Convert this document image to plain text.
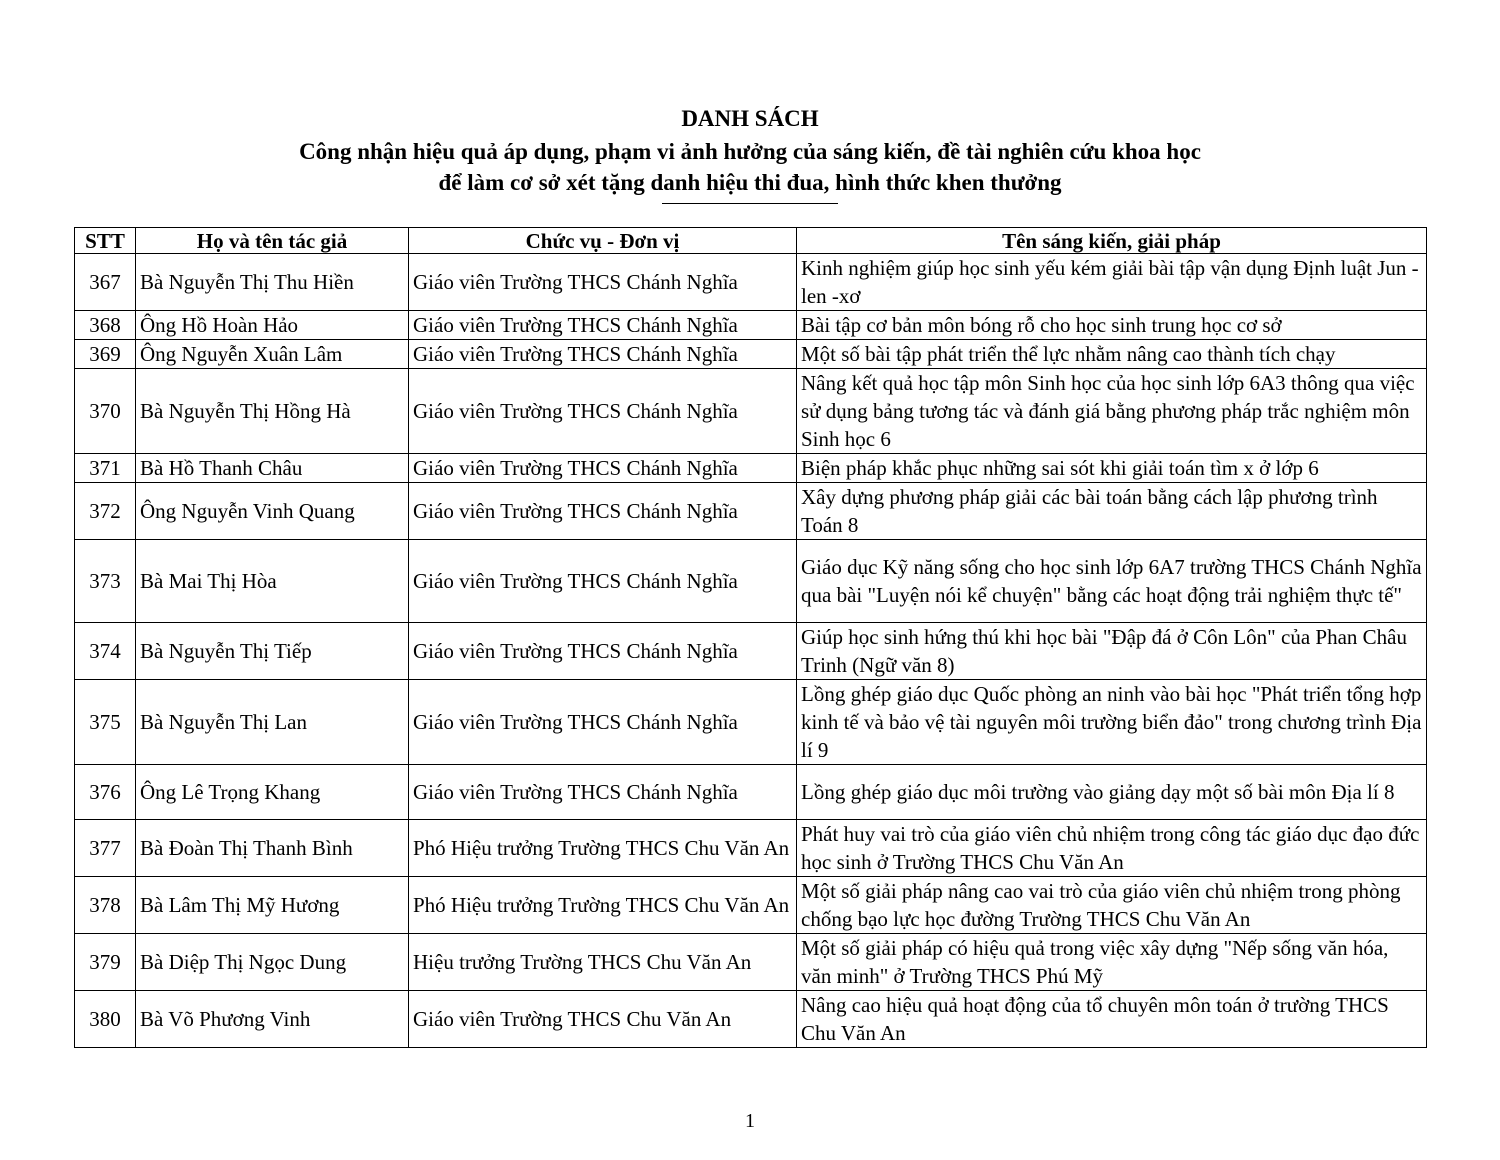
DANH SÁCH
Công nhận hiệu quả áp dụng, phạm vi ảnh hưởng của sáng kiến, đề tài nghiên cứu khoa học
để làm cơ sở xét tặng danh hiệu thi đua, hình thức khen thưởng
STT	Họ và tên tác giả	Chức vụ - Đơn vị	Tên sáng kiến, giải pháp
367	Bà Nguyễn Thị Thu Hiền	Giáo viên Trường THCS Chánh Nghĩa	Kinh nghiệm giúp học sinh yếu kém giải bài tập vận dụng Định luật Jun -len -xơ
368	Ông Hồ Hoàn Hảo	Giáo viên Trường THCS Chánh Nghĩa	Bài tập cơ bản môn bóng rỗ cho học sinh trung học cơ sở
369	Ông Nguyễn Xuân Lâm	Giáo viên Trường THCS Chánh Nghĩa	Một số bài tập phát triển thể lực nhằm nâng cao thành tích chạy
370	Bà Nguyễn Thị Hồng Hà	Giáo viên Trường THCS Chánh Nghĩa	Nâng kết quả học tập môn Sinh học của học sinh lớp 6A3 thông qua việc sử dụng bảng tương tác và đánh giá bằng phương pháp trắc nghiệm môn Sinh học 6
371	Bà Hồ Thanh Châu	Giáo viên Trường THCS Chánh Nghĩa	Biện pháp khắc phục những sai sót khi giải toán tìm x ở lớp 6
372	Ông Nguyễn Vinh Quang	Giáo viên Trường THCS Chánh Nghĩa	Xây dựng phương pháp giải các bài toán bằng cách lập phương trình Toán 8
373	Bà Mai Thị Hòa	Giáo viên Trường THCS Chánh Nghĩa	Giáo dục Kỹ năng sống cho học sinh lớp 6A7 trường THCS Chánh Nghĩa qua bài "Luyện nói kể chuyện" bằng các hoạt động trải nghiệm thực tế"
374	Bà Nguyễn Thị Tiếp	Giáo viên Trường THCS Chánh Nghĩa	Giúp học sinh hứng thú khi học bài "Đập đá ở Côn Lôn" của Phan Châu Trinh (Ngữ văn 8)
375	Bà Nguyễn Thị Lan	Giáo viên Trường THCS Chánh Nghĩa	Lồng ghép giáo dục Quốc phòng an ninh vào bài học "Phát triển tổng hợp kinh tế và bảo vệ tài nguyên môi trường biển đảo" trong chương trình Địa lí 9
376	Ông Lê Trọng Khang	Giáo viên Trường THCS Chánh Nghĩa	Lồng ghép giáo dục môi trường vào giảng dạy một số bài môn Địa lí 8
377	Bà Đoàn Thị Thanh Bình	Phó Hiệu trưởng Trường THCS Chu Văn An	Phát huy vai trò của giáo viên chủ nhiệm trong công tác giáo dục đạo đức học sinh ở Trường THCS Chu Văn An
378	Bà Lâm Thị Mỹ Hương	Phó Hiệu trưởng Trường THCS Chu Văn An	Một số giải pháp nâng cao vai trò của giáo viên chủ nhiệm trong phòng chống bạo lực học đường Trường THCS Chu Văn An
379	Bà Diệp Thị Ngọc Dung	Hiệu trưởng Trường THCS Chu Văn An	Một số giải pháp có hiệu quả trong việc xây dựng "Nếp sống văn hóa, văn minh" ở Trường THCS Phú Mỹ
380	Bà Võ Phương Vinh	Giáo viên Trường THCS Chu Văn An	Nâng cao hiệu quả hoạt động của tổ chuyên môn toán ở trường THCS Chu Văn An
1
